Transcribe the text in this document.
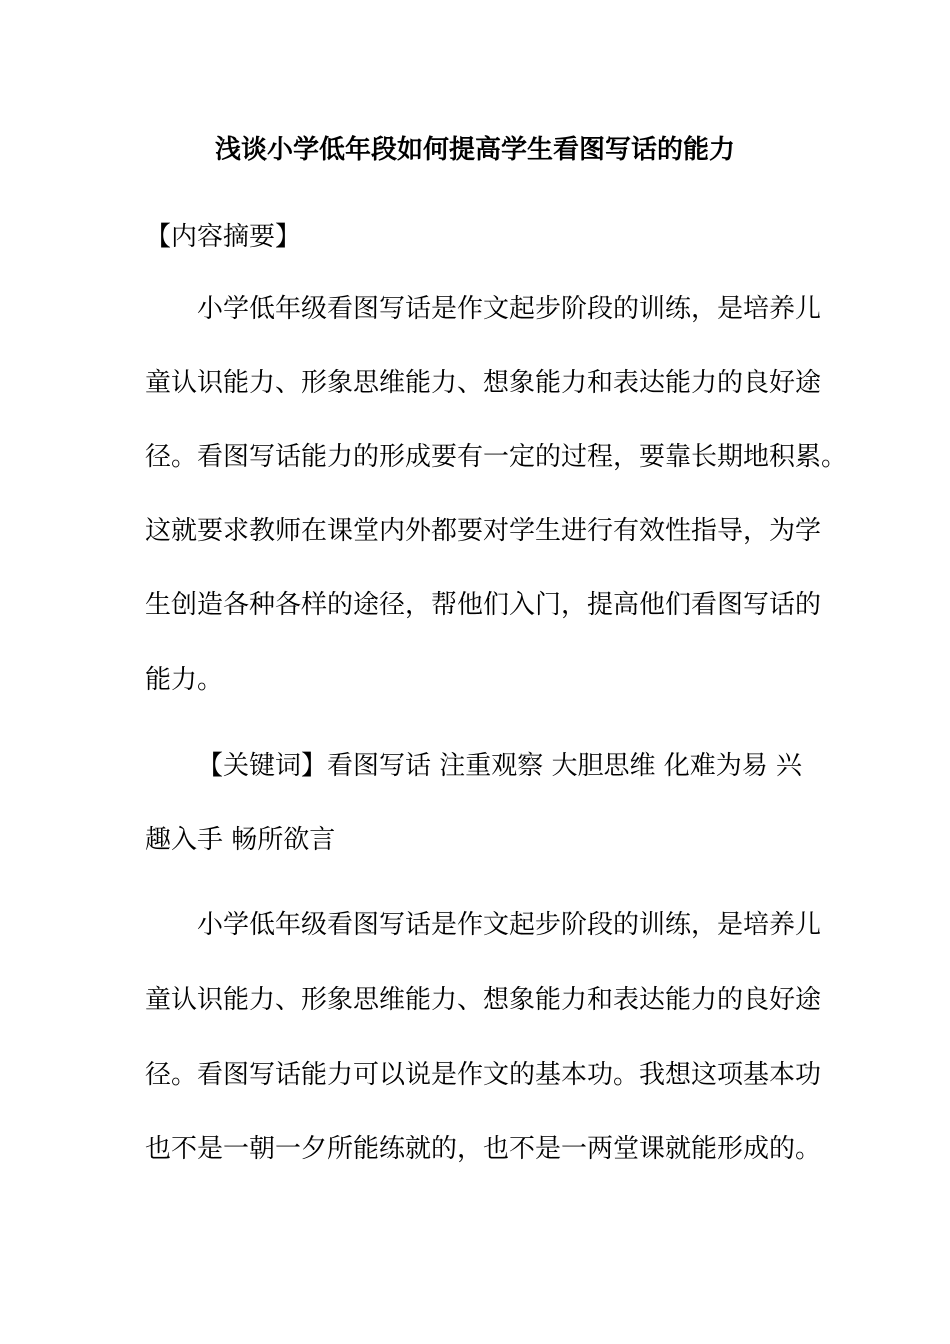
浅谈小学低年段如何提高学生看图写话的能力

【内容摘要】

小学低年级看图写话是作文起步阶段的训练，是培养儿

童认识能力、形象思维能力、想象能力和表达能力的良好途

径。看图写话能力的形成要有一定的过程，要靠长期地积累。

这就要求教师在课堂内外都要对学生进行有效性指导，为学

生创造各种各样的途径，帮他们入门，提高他们看图写话的

能力。

【关键词】看图写话 注重观察 大胆思维 化难为易 兴

趣入手 畅所欲言

小学低年级看图写话是作文起步阶段的训练，是培养儿

童认识能力、形象思维能力、想象能力和表达能力的良好途

径。看图写话能力可以说是作文的基本功。我想这项基本功

也不是一朝一夕所能练就的，也不是一两堂课就能形成的。
